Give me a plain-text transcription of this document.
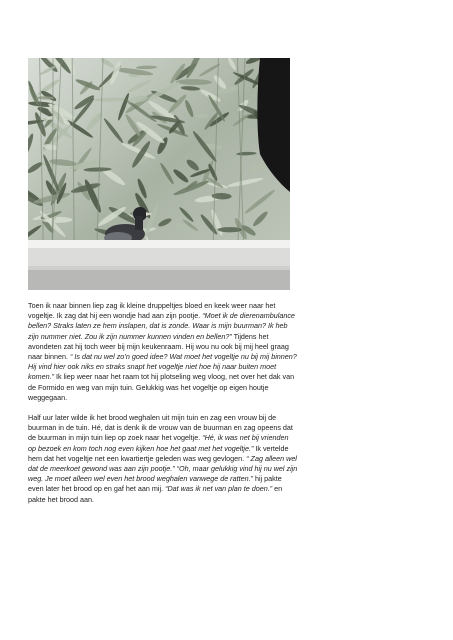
Toen ik naar binnen liep zag ik kleine druppeltjes bloed en keek weer naar het vogeltje. Ik zag dat hij een wondje had aan zijn pootje. “Moet ik de dierenambulance bellen? Straks laten ze hem inslapen, dat is zonde. Waar is mijn buurman? Ik heb zijn nummer niet. Zou ik zijn nummer kunnen vinden en bellen?” Tijdens het avondeten zat hij toch weer bij mijn keukenraam. Hij wou nu ook bij mij heel graag naar binnen. “ Is dat nu wel zo’n goed idee? Wat moet het vogeltje nu bij mij binnen? Hij vind hier ook niks en straks snapt het vogeltje niet hoe hij naar buiten moet komen.” Ik liep weer naar het raam tot hij plotseling weg vloog, net over het dak van de Formido en weg van mijn tuin. Gelukkig was het vogeltje op eigen houtje weggegaan.

Half uur later wilde ik het brood weghalen uit mijn tuin en zag een vrouw bij de buurman in de tuin. Hé, dat is denk ik de vrouw van de buurman en zag opeens dat de buurman in mijn tuin liep op zoek naar het vogeltje. “Hé, ik was net bij vrienden op bezoek en kom toch nog even kijken hoe het gaat met het vogeltje.” Ik vertelde hem dat het vogeltje net een kwartiertje geleden was weg gevlogen. “ Zag alleen wel dat de meerkoet gewond was aan zijn pootje.” “Oh, maar gelukkig vind hij nu wel zijn weg. Je moet alleen wel even het brood weghalen vanwege de ratten.” hij pakte even later het brood op en gaf het aan mij. “Dat was ik net van plan te doen.” en pakte het brood aan.
